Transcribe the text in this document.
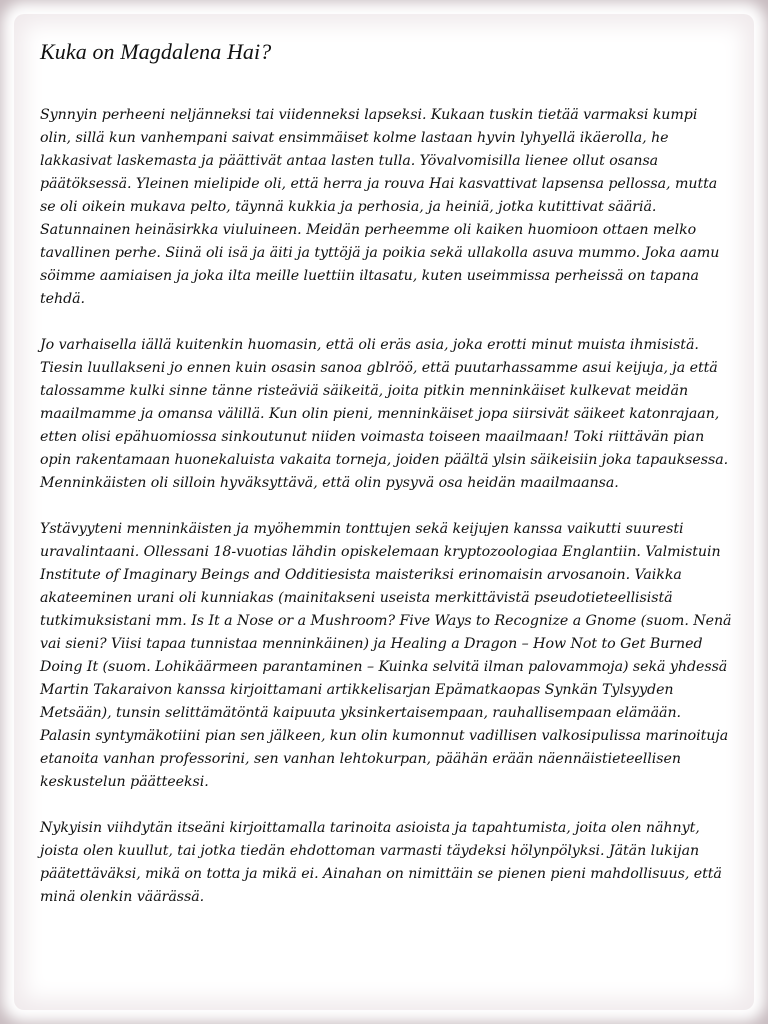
Kuka on Magdalena Hai?

Synnyin perheeni neljänneksi tai viidenneksi lapseksi. Kukaan tuskin tietää varmaksi kumpi olin, sillä kun vanhempani saivat ensimmäiset kolme lastaan hyvin lyhyellä ikäerolla, he lakkasivat laskemasta ja päättivät antaa lasten tulla. Yövalvomisilla lienee ollut osansa päätöksessä. Yleinen mielipide oli, että herra ja rouva Hai kasvattivat lapsensa pellossa, mutta se oli oikein mukava pelto, täynnä kukkia ja perhosia, ja heiniä, jotka kutittivat sääriä. Satunnainen heinäsirkka viuluineen. Meidän perheemme oli kaiken huomioon ottaen melko tavallinen perhe. Siinä oli isä ja äiti ja tyttöjä ja poikia sekä ullakolla asuva mummo. Joka aamu söimme aamiaisen ja joka ilta meille luettiin iltasatu, kuten useimmissa perheissä on tapana tehdä.

Jo varhaisella iällä kuitenkin huomasin, että oli eräs asia, joka erotti minut muista ihmisistä. Tiesin luullakseni jo ennen kuin osasin sanoa gblröö, että puutarhassamme asui keijuja, ja että talossamme kulki sinne tänne risteäviä säikeitä, joita pitkin menninkäiset kulkevat meidän maailmamme ja omansa välillä. Kun olin pieni, menninkäiset jopa siirsivät säikeet katonrajaan, etten olisi epähuomiossa sinkoutunut niiden voimasta toiseen maailmaan! Toki riittävän pian opin rakentamaan huonekaluista vakaita torneja, joiden päältä ylsin säikeisiin joka tapauksessa. Menninkäisten oli silloin hyväksyttävä, että olin pysyvä osa heidän maailmaansa.

Ystävyyteni menninkäisten ja myöhemmin tonttujen sekä keijujen kanssa vaikutti suuresti uravalintaani. Ollessani 18-vuotias lähdin opiskelemaan kryptozoologiaa Englantiin. Valmistuin Institute of Imaginary Beings and Odditiesista maisteriksi erinomaisin arvosanoin. Vaikka akateeminen urani oli kunniakas (mainitakseni useista merkittävistä pseudotieteellisistä tutkimuksistani mm. Is It a Nose or a Mushroom? Five Ways to Recognize a Gnome (suom. Nenä vai sieni? Viisi tapaa tunnistaa menninkäinen) ja Healing a Dragon – How Not to Get Burned Doing It (suom. Lohikäärmeen parantaminen – Kuinka selvitä ilman palovammoja) sekä yhdessä Martin Takaraivon kanssa kirjoittamani artikkelisarjan Epämatkaopas Synkän Tylsyyden Metsään), tunsin selittämätöntä kaipuuta yksinkertaisempaan, rauhallisempaan elämään. Palasin syntymäkotiini pian sen jälkeen, kun olin kumonnut vadillisen valkosipulissa marinoituja etanoita vanhan professorini, sen vanhan lehtokurpan, päähän erään näennäistieteellisen keskustelun päätteeksi.

Nykyisin viihdytän itseäni kirjoittamalla tarinoita asioista ja tapahtumista, joita olen nähnyt, joista olen kuullut, tai jotka tiedän ehdottoman varmasti täydeksi hölynpölyksi. Jätän lukijan päätettäväksi, mikä on totta ja mikä ei. Ainahan on nimittäin se pienen pieni mahdollisuus, että minä olenkin väärässä.
